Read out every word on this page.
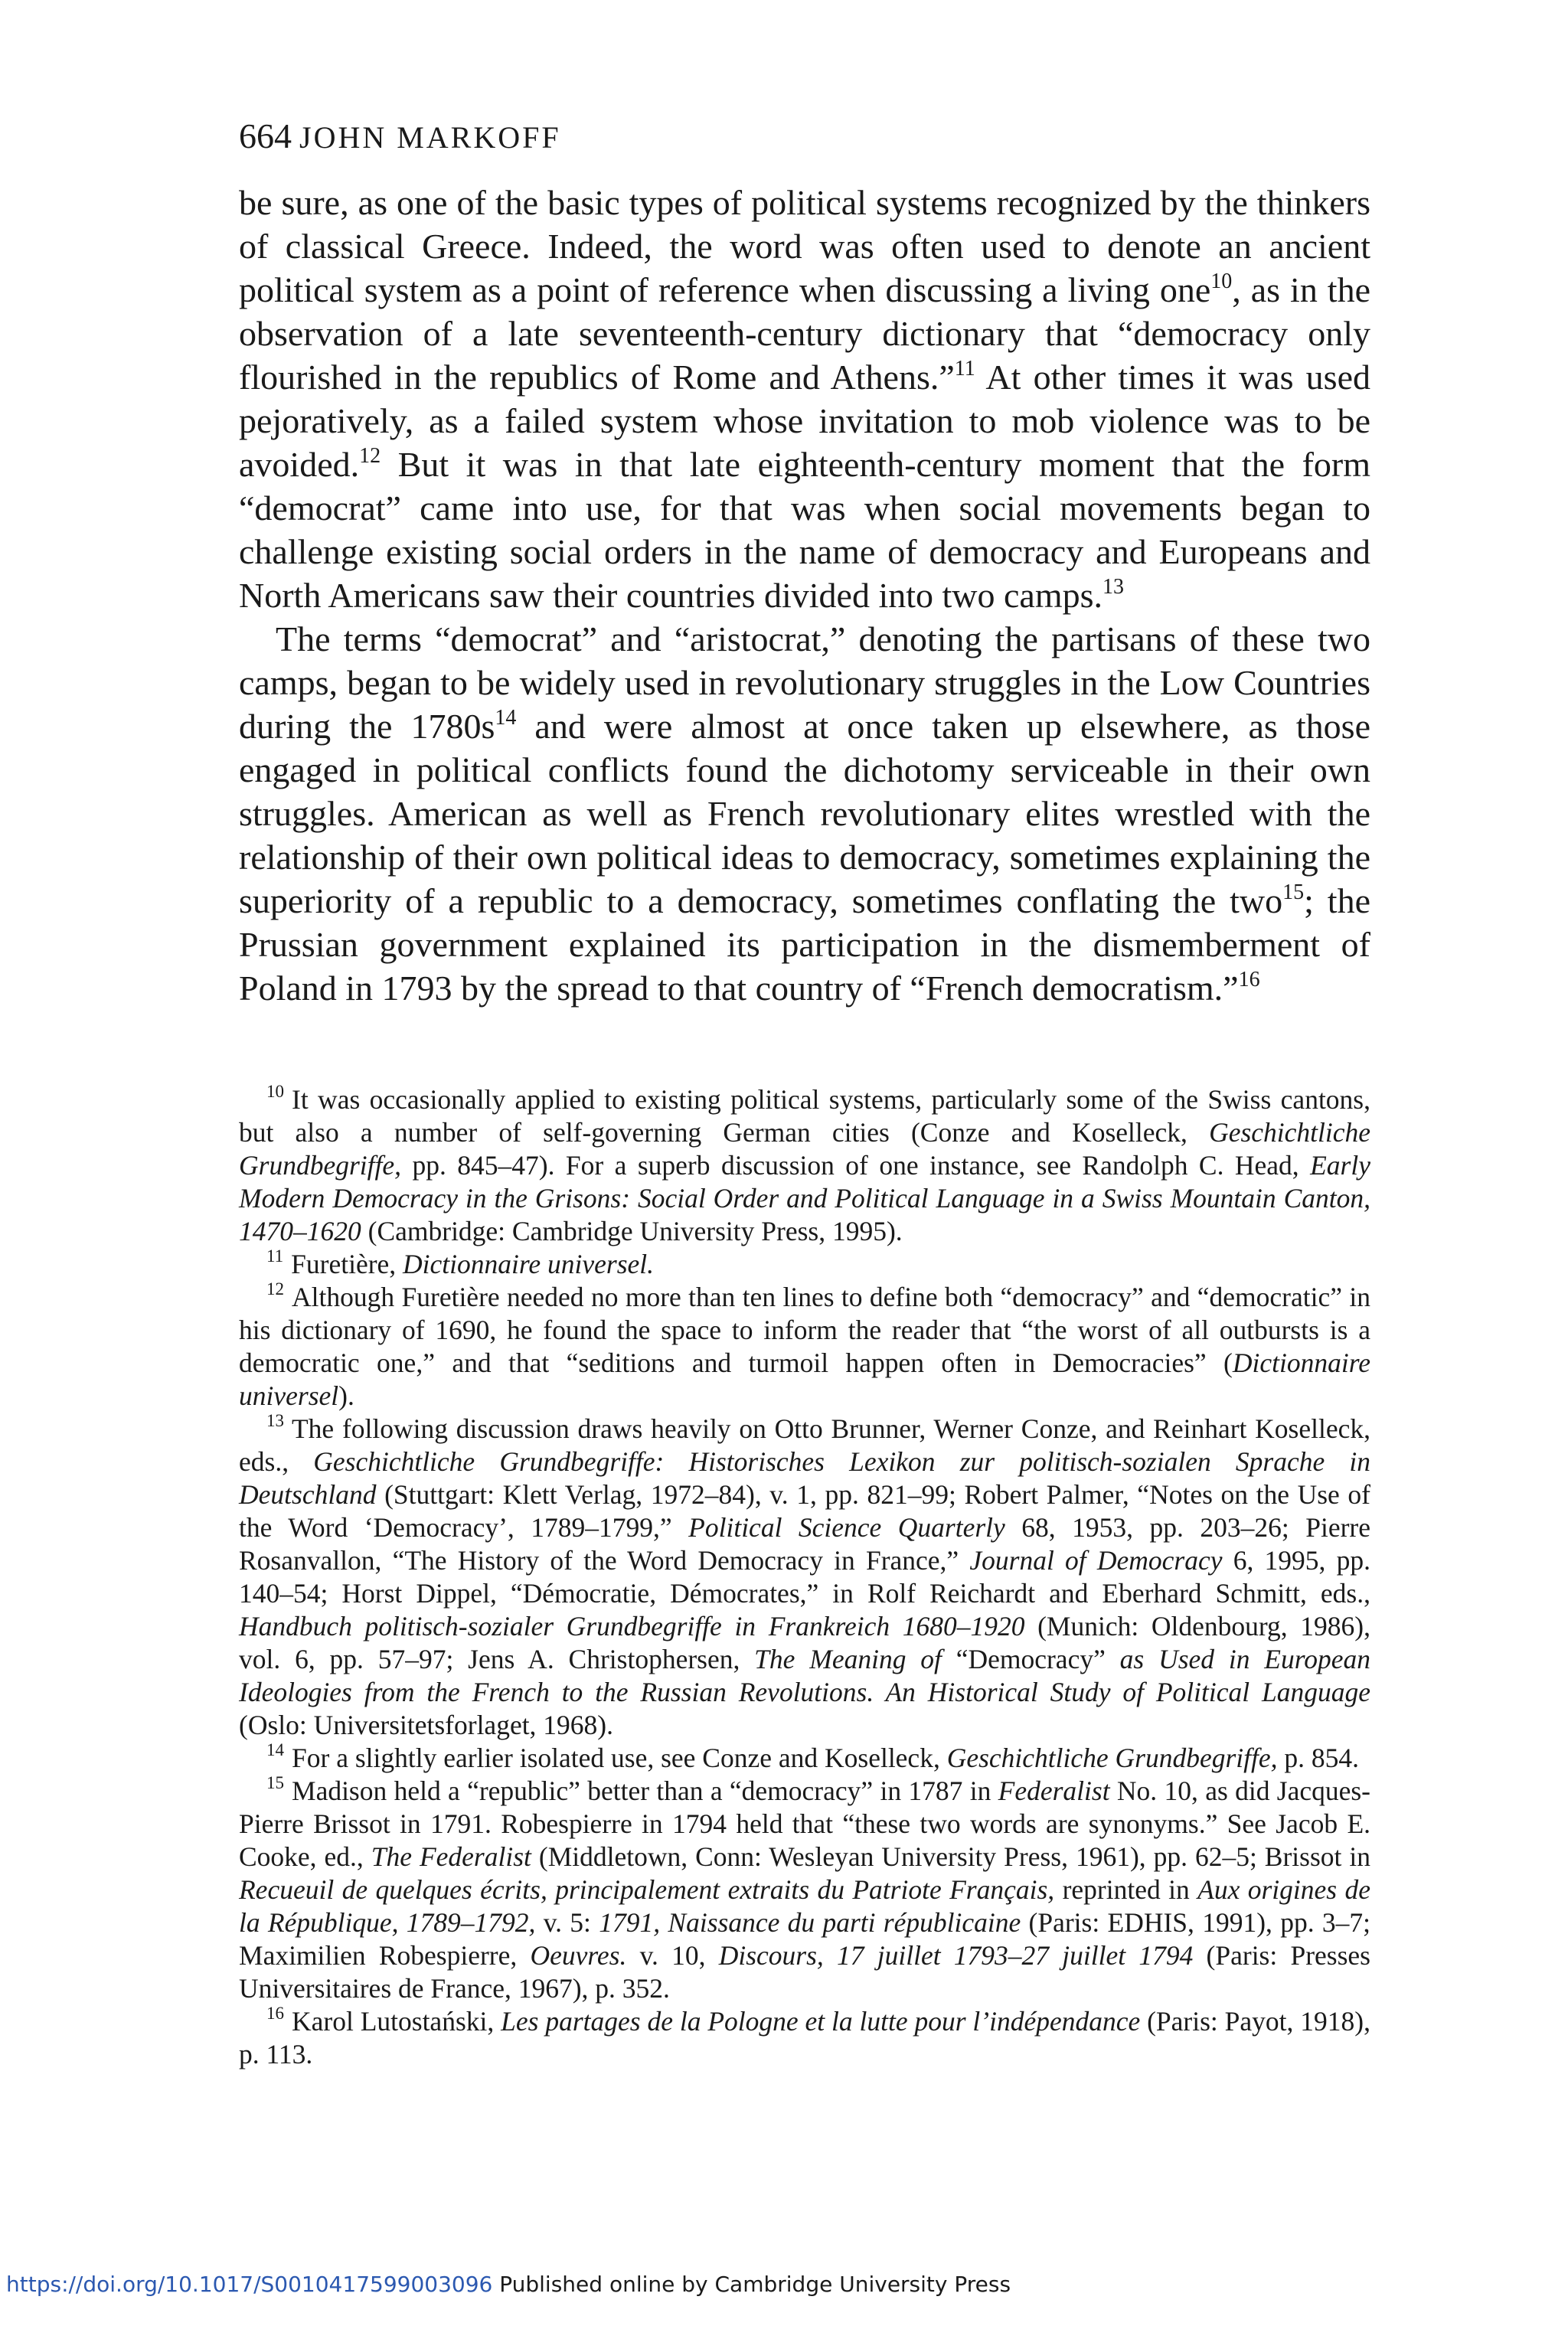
664 JOHN MARKOFF

be sure, as one of the basic types of political systems recognized by the thinkers of classical Greece. Indeed, the word was often used to denote an ancient political system as a point of reference when discussing a living one$^{10}$, as in the observation of a late seventeenth-century dictionary that “democracy only flourished in the republics of Rome and Athens.”$^{11}$ At other times it was used pejoratively, as a failed system whose invitation to mob violence was to be avoided.$^{12}$ But it was in that late eighteenth-century moment that the form “democrat” came into use, for that was when social movements began to challenge existing social orders in the name of democracy and Europeans and North Americans saw their countries divided into two camps.$^{13}$

The terms “democrat” and “aristocrat,” denoting the partisans of these two camps, began to be widely used in revolutionary struggles in the Low Countries during the $1780s^{14}$ and were almost at once taken up elsewhere, as those engaged in political conflicts found the dichotomy serviceable in their own struggles. American as well as French revolutionary elites wrestled with the relationship of their own political ideas to democracy, sometimes explaining the superiority of a republic to a democracy, sometimes conflating the two$^{15}$; the Prussian government explained its participation in the dismemberment of Poland in 1793 by the spread to that country of “French democratism.”$^{16}$

$^{10}$ It was occasionally applied to existing political systems, particularly some of the Swiss cantons, but also a number of self-governing German cities (Conze and Koselleck, Geschichtliche Grundbegriffe, pp. 845–47). For a superb discussion of one instance, see Randolph C. Head, Early Modern Democracy in the Grisons: Social Order and Political Language in a Swiss Mountain Canton, 1470–1620 (Cambridge: Cambridge University Press, 1995).

$^{11}$ Furetière, Dictionnaire universel.

$^{12}$ Although Furetière needed no more than ten lines to define both “democracy” and “democratic” in his dictionary of 1690, he found the space to inform the reader that “the worst of all outbursts is a democratic one,” and that “seditions and turmoil happen often in Democracies” (Dictionnaire universel).

$^{13}$ The following discussion draws heavily on Otto Brunner, Werner Conze, and Reinhart Koselleck, eds., Geschichtliche Grundbegriffe: Historisches Lexikon zur politisch-sozialen Sprache in Deutschland (Stuttgart: Klett Verlag, 1972–84), v. 1, pp. 821–99; Robert Palmer, “Notes on the Use of the Word ‘Democracy’, 1789–1799,” Political Science Quarterly 68, 1953, pp. 203–26; Pierre Rosanvallon, “The History of the Word Democracy in France,” Journal of Democracy 6, 1995, pp. 140–54; Horst Dippel, “Démocratie, Démocrates,” in Rolf Reichardt and Eberhard Schmitt, eds., Handbuch politisch-sozialer Grundbegriffe in Frankreich 1680–1920 (Munich: Oldenbourg, 1986), vol. 6, pp. 57–97; Jens A. Christophersen, The Meaning of “Democracy” as Used in European Ideologies from the French to the Russian Revolutions. An Historical Study of Political Language (Oslo: Universitetsforlaget, 1968).

$^{14}$ For a slightly earlier isolated use, see Conze and Koselleck, Geschichtliche Grundbegriffe, p. 854.

$^{15}$ Madison held a “republic” better than a “democracy” in 1787 in Federalist No. 10, as did Jacques-Pierre Brissot in 1791. Robespierre in 1794 held that “these two words are synonyms.” See Jacob E. Cooke, ed., The Federalist (Middletown, Conn: Wesleyan University Press, 1961), pp. 62–5; Brissot in Recueuil de quelques écrits, principalement extraits du Patriote Français, reprinted in Aux origines de la République, 1789–1792, v. 5: 1791, Naissance du parti républicaine (Paris: EDHIS, 1991), pp. 3–7; Maximilien Robespierre, Oeuvres. v. 10, Discours, 17 juillet 1793–27 juillet 1794 (Paris: Presses Universitaires de France, 1967), p. 352.

$^{16}$ Karol Lutostański, Les partages de la Pologne et la lutte pour l’indépendance (Paris: Payot, 1918), p. 113.

https://doi.org/10.1017/S0010417599003096 Published online by Cambridge University Press
